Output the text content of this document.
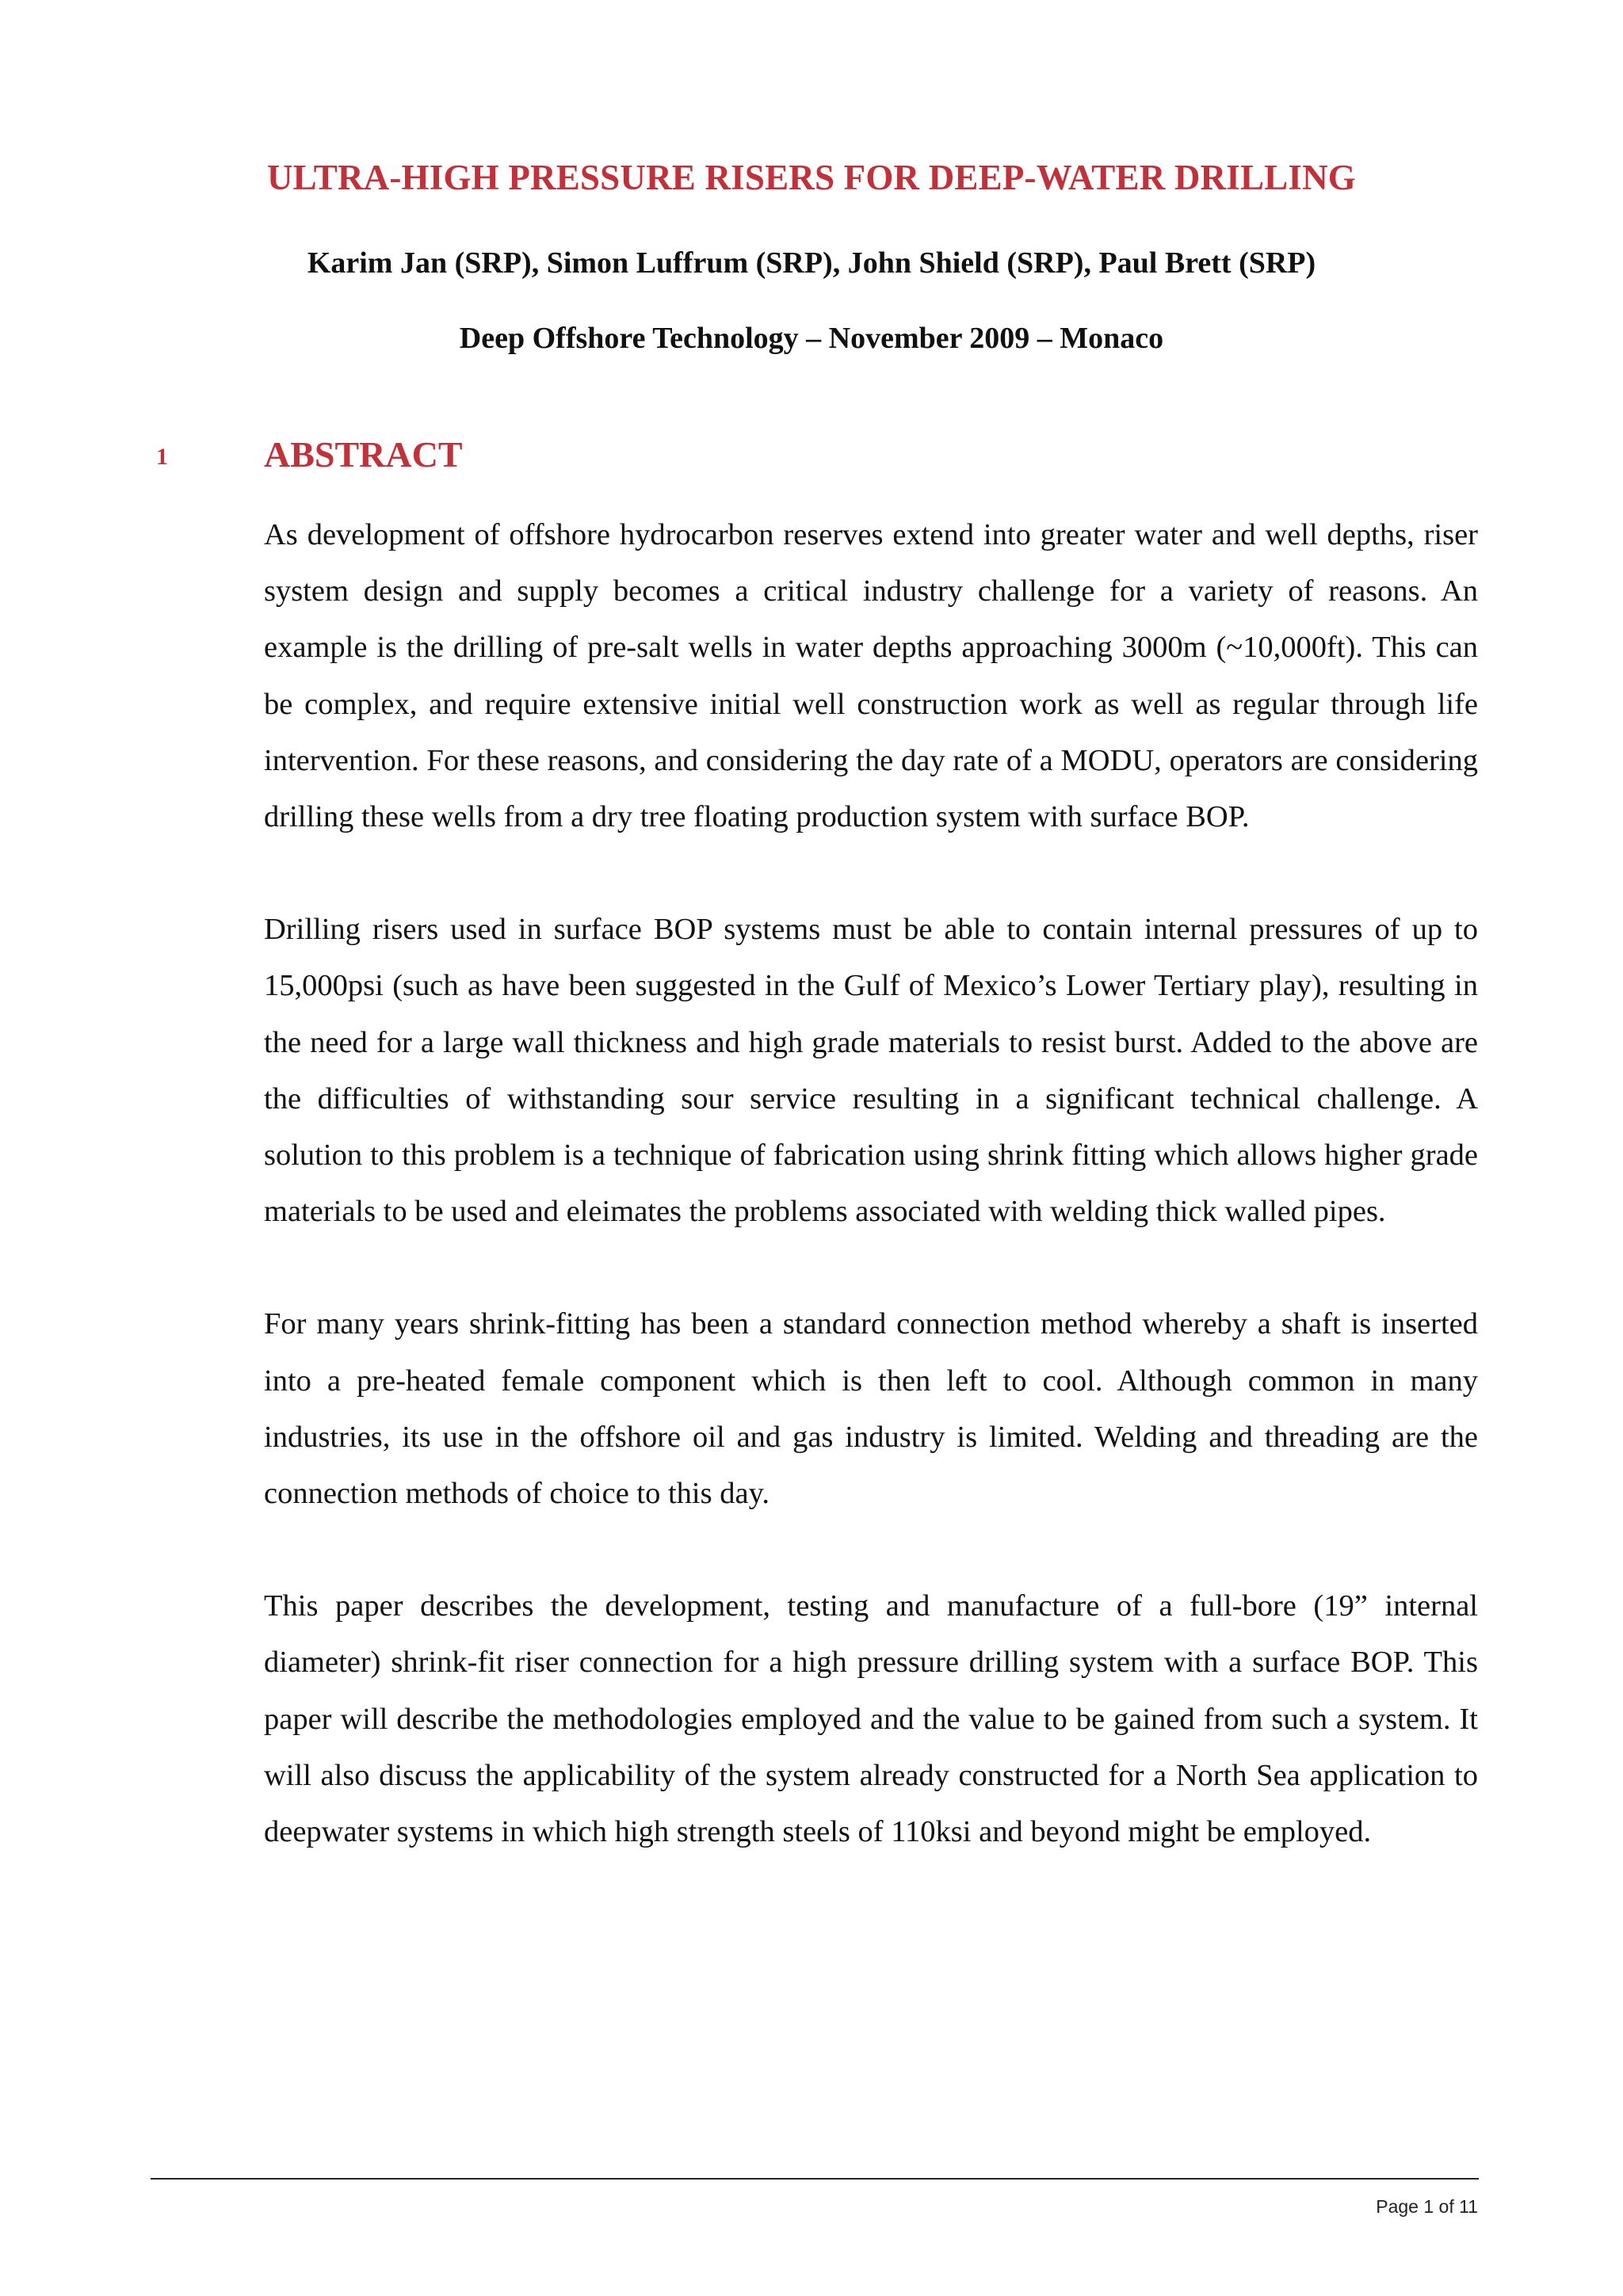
ULTRA-HIGH PRESSURE RISERS FOR DEEP-WATER DRILLING
Karim Jan (SRP), Simon Luffrum (SRP), John Shield (SRP), Paul Brett (SRP)
Deep Offshore Technology – November 2009 – Monaco
1	ABSTRACT

As development of offshore hydrocarbon reserves extend into greater water and well depths, riser system design and supply becomes a critical industry challenge for a variety of reasons. An example is the drilling of pre-salt wells in water depths approaching 3000m (~10,000ft). This can be complex, and require extensive initial well construction work as well as regular through life intervention. For these reasons, and considering the day rate of a MODU, operators are considering drilling these wells from a dry tree floating production system with surface BOP.

Drilling risers used in surface BOP systems must be able to contain internal pressures of up to 15,000psi (such as have been suggested in the Gulf of Mexico’s Lower Tertiary play), resulting in the need for a large wall thickness and high grade materials to resist burst. Added to the above are the difficulties of withstanding sour service resulting in a significant technical challenge. A solution to this problem is a technique of fabrication using shrink fitting which allows higher grade materials to be used and eleimates the problems associated with welding thick walled pipes.

For many years shrink-fitting has been a standard connection method whereby a shaft is inserted into a pre-heated female component which is then left to cool. Although common in many industries, its use in the offshore oil and gas industry is limited. Welding and threading are the connection methods of choice to this day.

This paper describes the development, testing and manufacture of a full-bore (19” internal diameter) shrink-fit riser connection for a high pressure drilling system with a surface BOP. This paper will describe the methodologies employed and the value to be gained from such a system. It will also discuss the applicability of the system already constructed for a North Sea application to deepwater systems in which high strength steels of 110ksi and beyond might be employed.

Page 1 of 11
